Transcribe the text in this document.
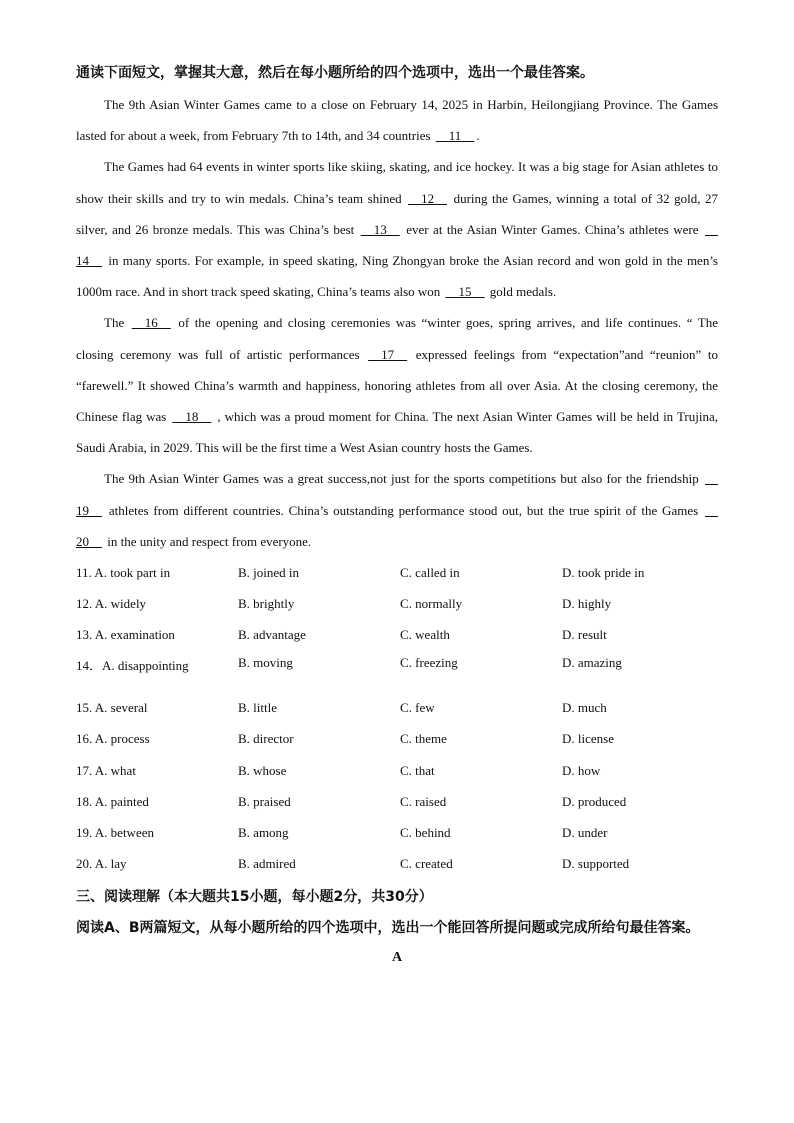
通读下面短文，掌握其大意，然后在每小题所给的四个选项中，选出一个最佳答案。

The 9th Asian Winter Games came to a close on February 14, 2025 in Harbin, Heilongjiang Province. The Games lasted for about a week, from February 7th to 14th, and 34 countries  11 .

The Games had 64 events in winter sports like skiing, skating, and ice hockey. It was a big stage for Asian athletes to show their skills and try to win medals. China’s team shined  12  during the Games, winning a total of 32 gold, 27 silver, and 26 bronze medals. This was China’s best  13  ever at the Asian Winter Games. China’s athletes were  14  in many sports. For example, in speed skating, Ning Zhongyan broke the Asian record and won gold in the men’s 1000m race. And in short track speed skating, China’s teams also won  15  gold medals.

The  16  of the opening and closing ceremonies was “winter goes, spring arrives, and life continues. “ The closing ceremony was full of artistic performances  17  expressed feelings from “expectation”and “reunion” to “farewell.” It showed China’s warmth and happiness, honoring athletes from all over Asia. At the closing ceremony, the Chinese flag was  18  , which was a proud moment for China. The next Asian Winter Games will be held in Trujina, Saudi Arabia, in 2029. This will be the first time a West Asian country hosts the Games.

The 9th Asian Winter Games was a great success,not just for the sports competitions but also for the friendship  19  athletes from different countries. China’s outstanding performance stood out, but the true spirit of the Games  20  in the unity and respect from everyone.

11. A. took part in	B. joined in	C. called in	D. took pride in
12. A. widely	B. brightly	C. normally	D. highly
13. A. examination	B. advantage	C. wealth	D. result
14．A. disappointing	B. moving	C. freezing	D. amazing
15. A. several	B. little	C. few	D. much
16. A. process	B. director	C. theme	D. license
17. A. what	B. whose	C. that	D. how
18. A. painted	B. praised	C. raised	D. produced
19. A. between	B. among	C. behind	D. under
20. A. lay	B. admired	C. created	D. supported

三、阅读理解（本大题共15小题，每小题2分，共30分）

阅读A、B两篇短文，从每小题所给的四个选项中，选出一个能回答所提问题或完成所给句最佳答案。

A
